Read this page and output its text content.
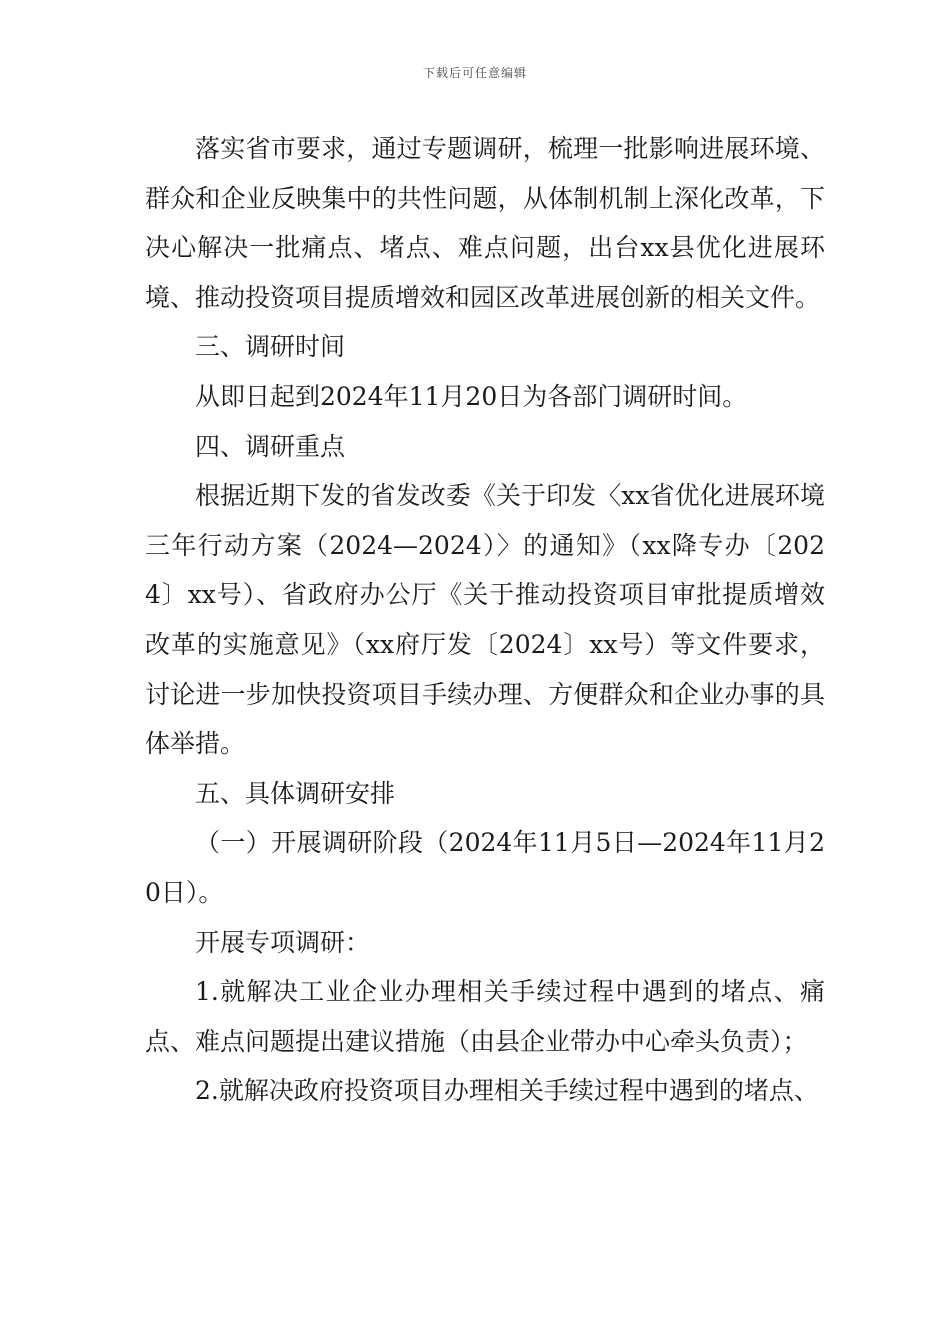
下载后可任意编辑

落实省市要求，通过专题调研，梳理一批影响进展环境、群众和企业反映集中的共性问题，从体制机制上深化改革，下决心解决一批痛点、堵点、难点问题，出台xx县优化进展环境、推动投资项目提质增效和园区改革进展创新的相关文件。

三、调研时间

从即日起到2024年11月20日为各部门调研时间。

四、调研重点

根据近期下发的省发改委《关于印发〈xx省优化进展环境三年行动方案（2024—2024）〉的通知》（xx降专办〔2024〕xx号）、省政府办公厅《关于推动投资项目审批提质增效改革的实施意见》（xx府厅发〔2024〕xx号）等文件要求，讨论进一步加快投资项目手续办理、方便群众和企业办事的具体举措。

五、具体调研安排

（一）开展调研阶段（2024年11月5日—2024年11月20日）。

开展专项调研：

1.就解决工业企业办理相关手续过程中遇到的堵点、痛点、难点问题提出建议措施（由县企业带办中心牵头负责）；

2.就解决政府投资项目办理相关手续过程中遇到的堵点、
